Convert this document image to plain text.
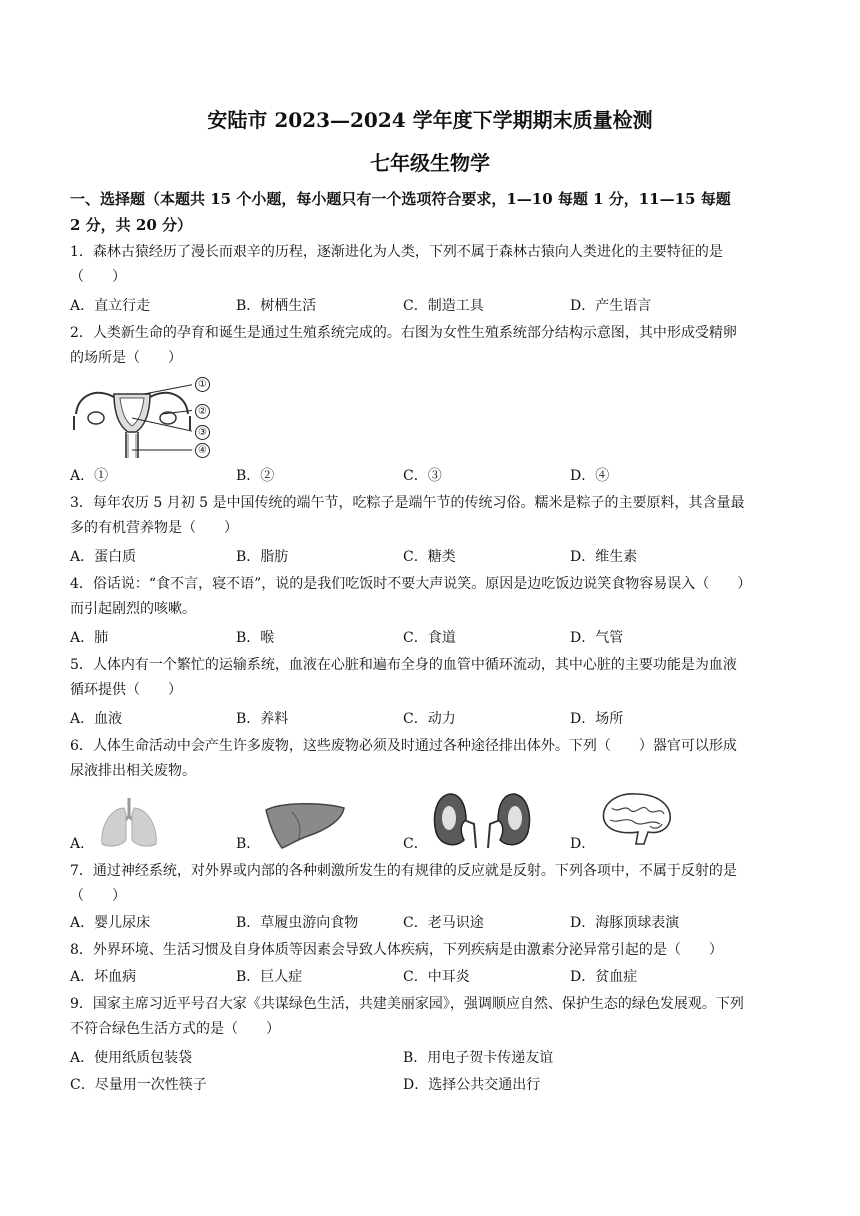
安陆市 2023—2024 学年度下学期期末质量检测
七年级生物学
一、选择题（本题共 15 个小题，每小题只有一个选项符合要求，1—10 每题 1 分，11—15 每题
2 分，共 20 分）
1．森林古猿经历了漫长而艰辛的历程，逐渐进化为人类，下列不属于森林古猿向人类进化的主要特征的是
（　　）
A．直立行走	B．树栖生活	C．制造工具	D．产生语言
2．人类新生命的孕育和诞生是通过生殖系统完成的。右图为女性生殖系统部分结构示意图，其中形成受精卵
的场所是（　　）
①
②
③
④
A．①	B．②	C．③	D．④
3．每年农历 5 月初 5 是中国传统的端午节，吃粽子是端午节的传统习俗。糯米是粽子的主要原料，其含量最
多的有机营养物是（　　）
A．蛋白质	B．脂肪	C．糖类	D．维生素
4．俗话说：“食不言，寝不语”，说的是我们吃饭时不要大声说笑。原因是边吃饭边说笑食物容易误入（　　）
而引起剧烈的咳嗽。
A．肺	B．喉	C．食道	D．气管
5．人体内有一个繁忙的运输系统，血液在心脏和遍布全身的血管中循环流动，其中心脏的主要功能是为血液
循环提供（　　）
A．血液	B．养料	C．动力	D．场所
6．人体生命活动中会产生许多废物，这些废物必须及时通过各种途径排出体外。下列（　　）器官可以形成
尿液排出相关废物。
A．	B．	C．	D．
7．通过神经系统，对外界或内部的各种刺激所发生的有规律的反应就是反射。下列各项中，不属于反射的是
（　　）
A．婴儿尿床	B．草履虫游向食物	C．老马识途	D．海豚顶球表演
8．外界环境、生活习惯及自身体质等因素会导致人体疾病，下列疾病是由激素分泌异常引起的是（　　）
A．坏血病	B．巨人症	C．中耳炎	D．贫血症
9．国家主席习近平号召大家《共谋绿色生活，共建美丽家园》，强调顺应自然、保护生态的绿色发展观。下列
不符合绿色生活方式的是（　　）
A．使用纸质包装袋	B．用电子贺卡传递友谊
C．尽量用一次性筷子	D．选择公共交通出行
